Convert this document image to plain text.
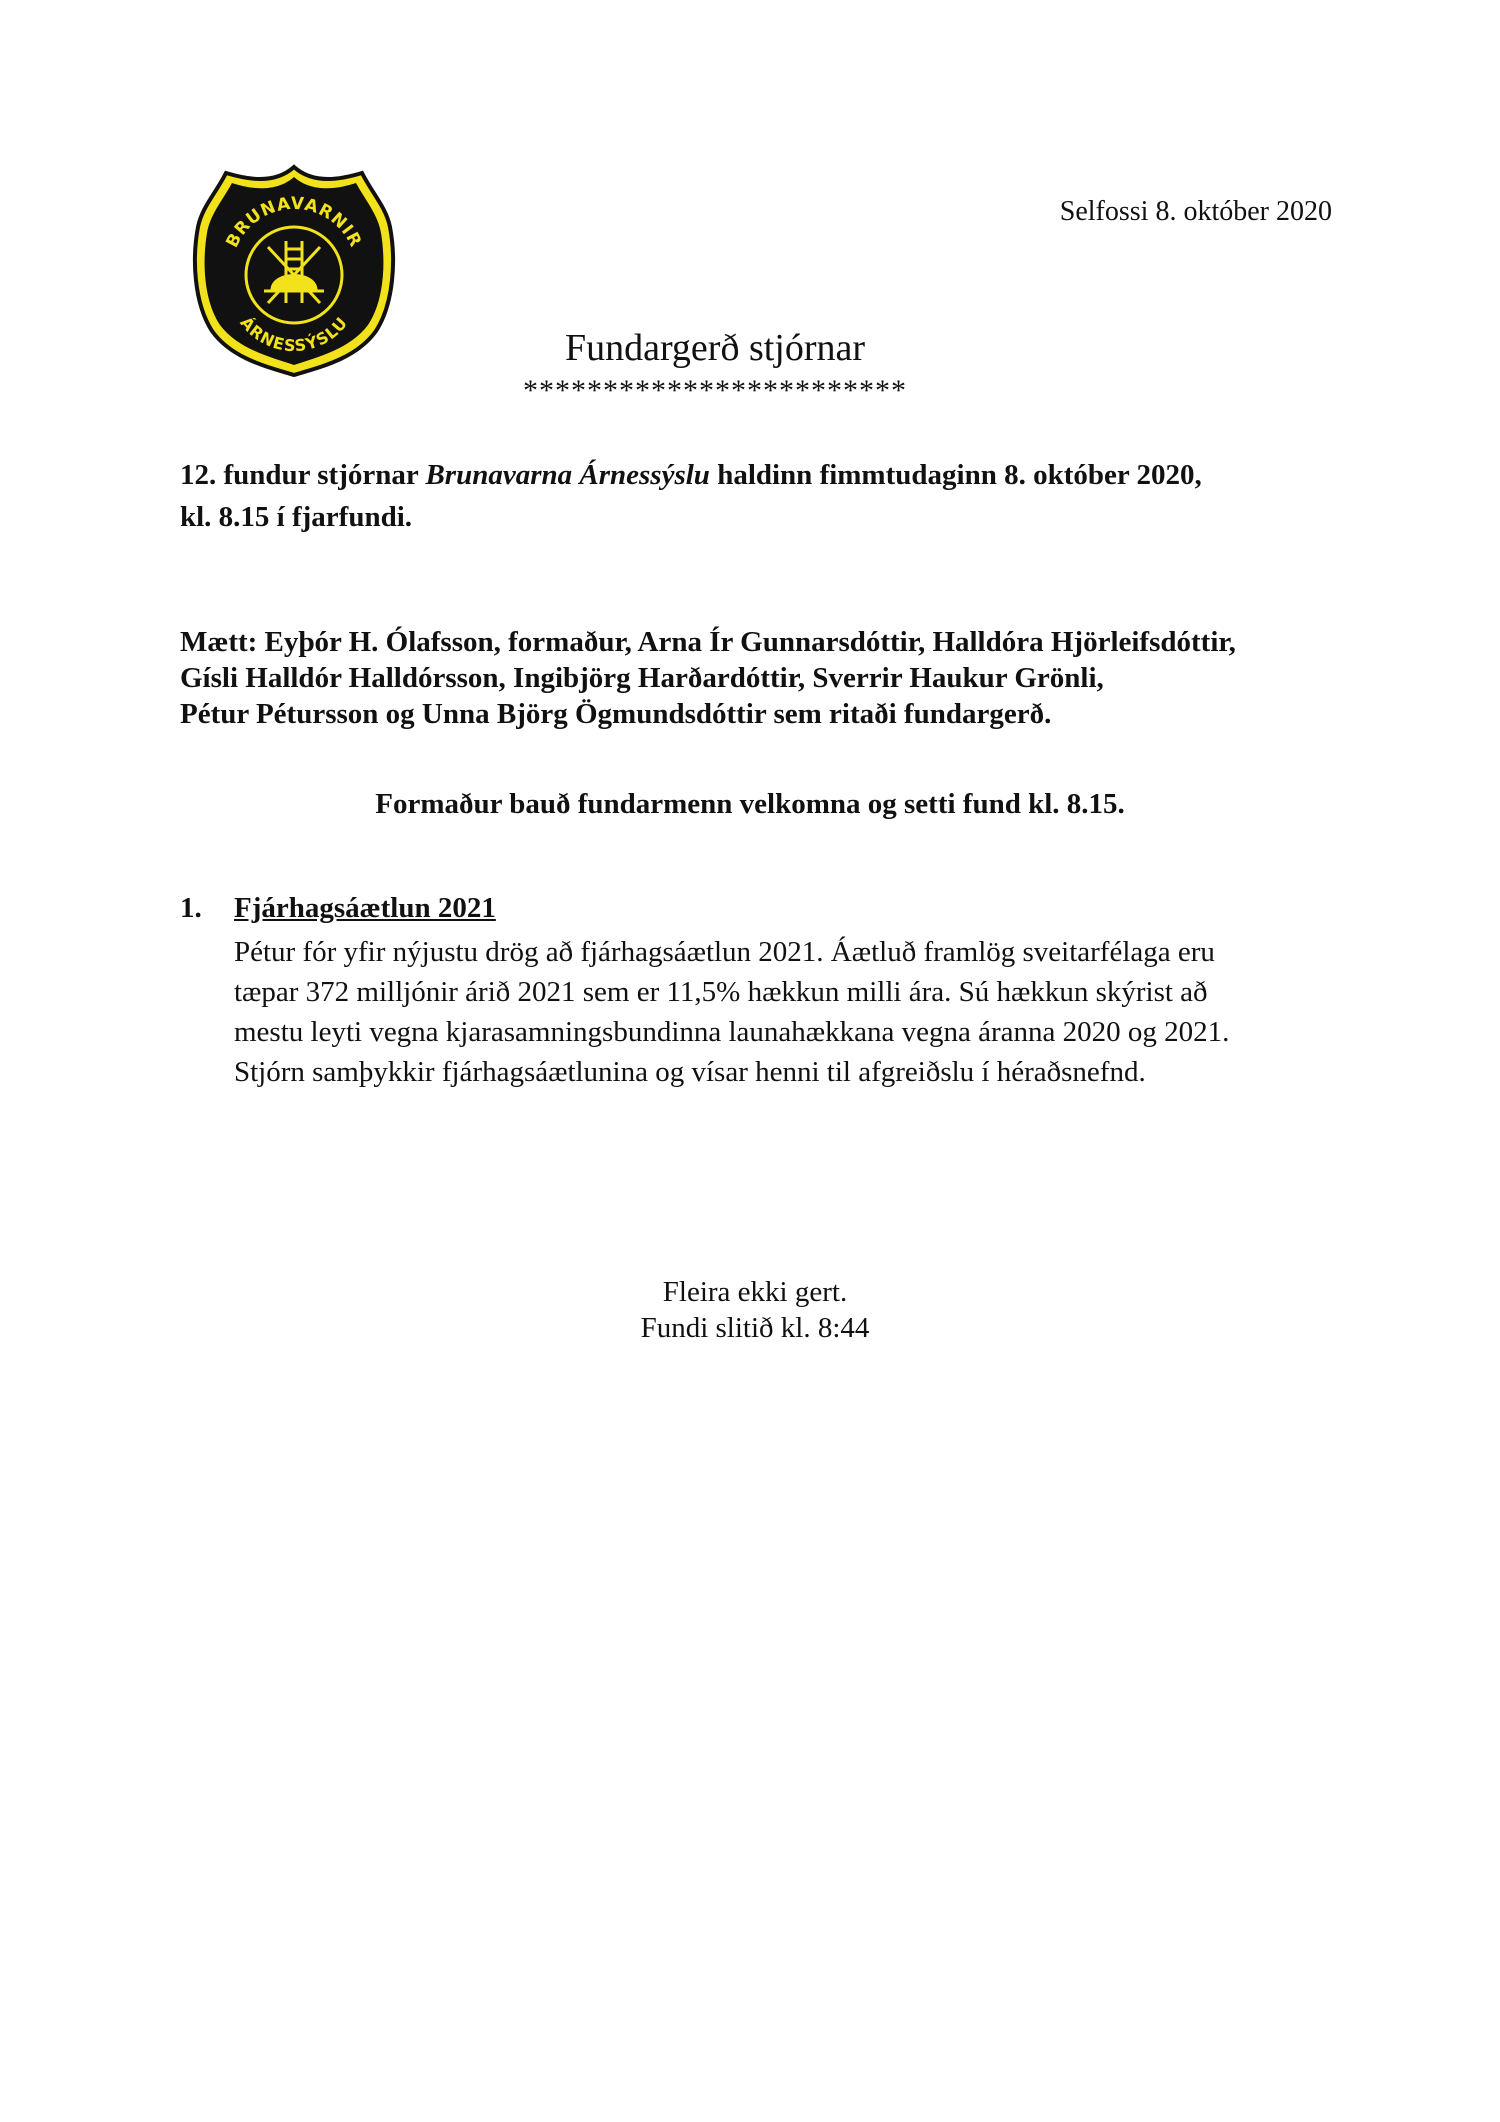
BRUNAVARNIR
ÁRNESSÝSLU
Selfossi 8. október 2020
Fundargerð stjórnar
************************
12. fundur stjórnar Brunavarna Árnessýslu haldinn fimmtudaginn 8. október 2020,
kl. 8.15 í fjarfundi.
Mætt: Eyþór H. Ólafsson, formaður, Arna Ír Gunnarsdóttir, Halldóra Hjörleifsdóttir,
Gísli Halldór Halldórsson, Ingibjörg Harðardóttir, Sverrir Haukur Grönli,
Pétur Pétursson og Unna Björg Ögmundsdóttir sem ritaði fundargerð.
Formaður bauð fundarmenn velkomna og setti fund kl. 8.15.
1. Fjárhagsáætlun 2021
Pétur fór yfir nýjustu drög að fjárhagsáætlun 2021. Áætluð framlög sveitarfélaga eru
tæpar 372 milljónir árið 2021 sem er 11,5% hækkun milli ára. Sú hækkun skýrist að
mestu leyti vegna kjarasamningsbundinna launahækkana vegna áranna 2020 og 2021.
Stjórn samþykkir fjárhagsáætlunina og vísar henni til afgreiðslu í héraðsnefnd.
Fleira ekki gert.
Fundi slitið kl. 8:44
